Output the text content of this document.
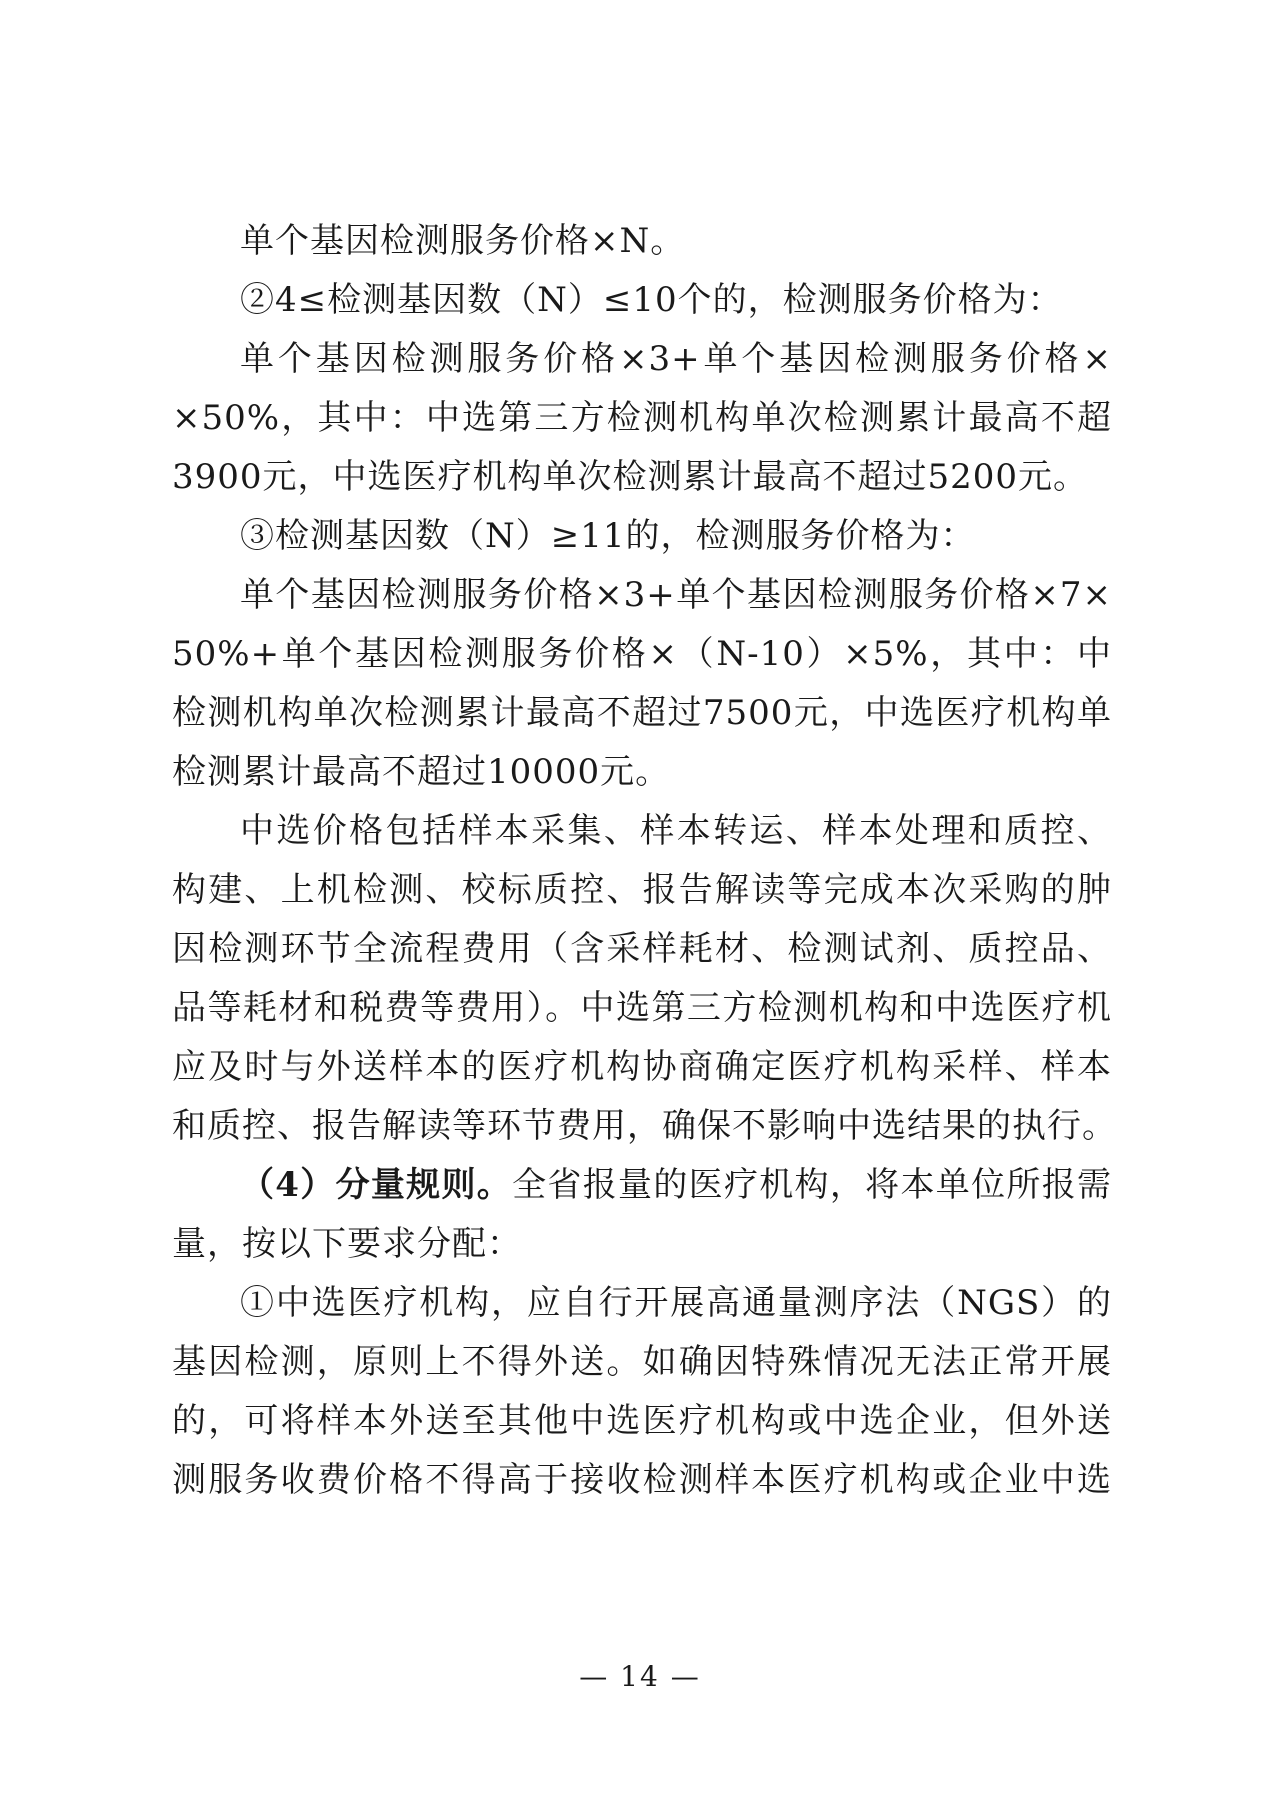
单个基因检测服务价格×N。
②4≤检测基因数（N）≤10个的，检测服务价格为：
单个基因检测服务价格×3+单个基因检测服务价格×
×50%，其中：中选第三方检测机构单次检测累计最高不超
3900元，中选医疗机构单次检测累计最高不超过5200元。
③检测基因数（N）≥11的，检测服务价格为：
单个基因检测服务价格×3+单个基因检测服务价格×7×
50%+单个基因检测服务价格×（N-10）×5%，其中：中
检测机构单次检测累计最高不超过7500元，中选医疗机构单
检测累计最高不超过10000元。
中选价格包括样本采集、样本转运、样本处理和质控、
构建、上机检测、校标质控、报告解读等完成本次采购的肿
因检测环节全流程费用（含采样耗材、检测试剂、质控品、
品等耗材和税费等费用）。中选第三方检测机构和中选医疗机
应及时与外送样本的医疗机构协商确定医疗机构采样、样本
和质控、报告解读等环节费用，确保不影响中选结果的执行。
（4）分量规则。全省报量的医疗机构，将本单位所报需
量，按以下要求分配：
①中选医疗机构，应自行开展高通量测序法（NGS）的
基因检测，原则上不得外送。如确因特殊情况无法正常开展
的，可将样本外送至其他中选医疗机构或中选企业，但外送
测服务收费价格不得高于接收检测样本医疗机构或企业中选
— 14 —
